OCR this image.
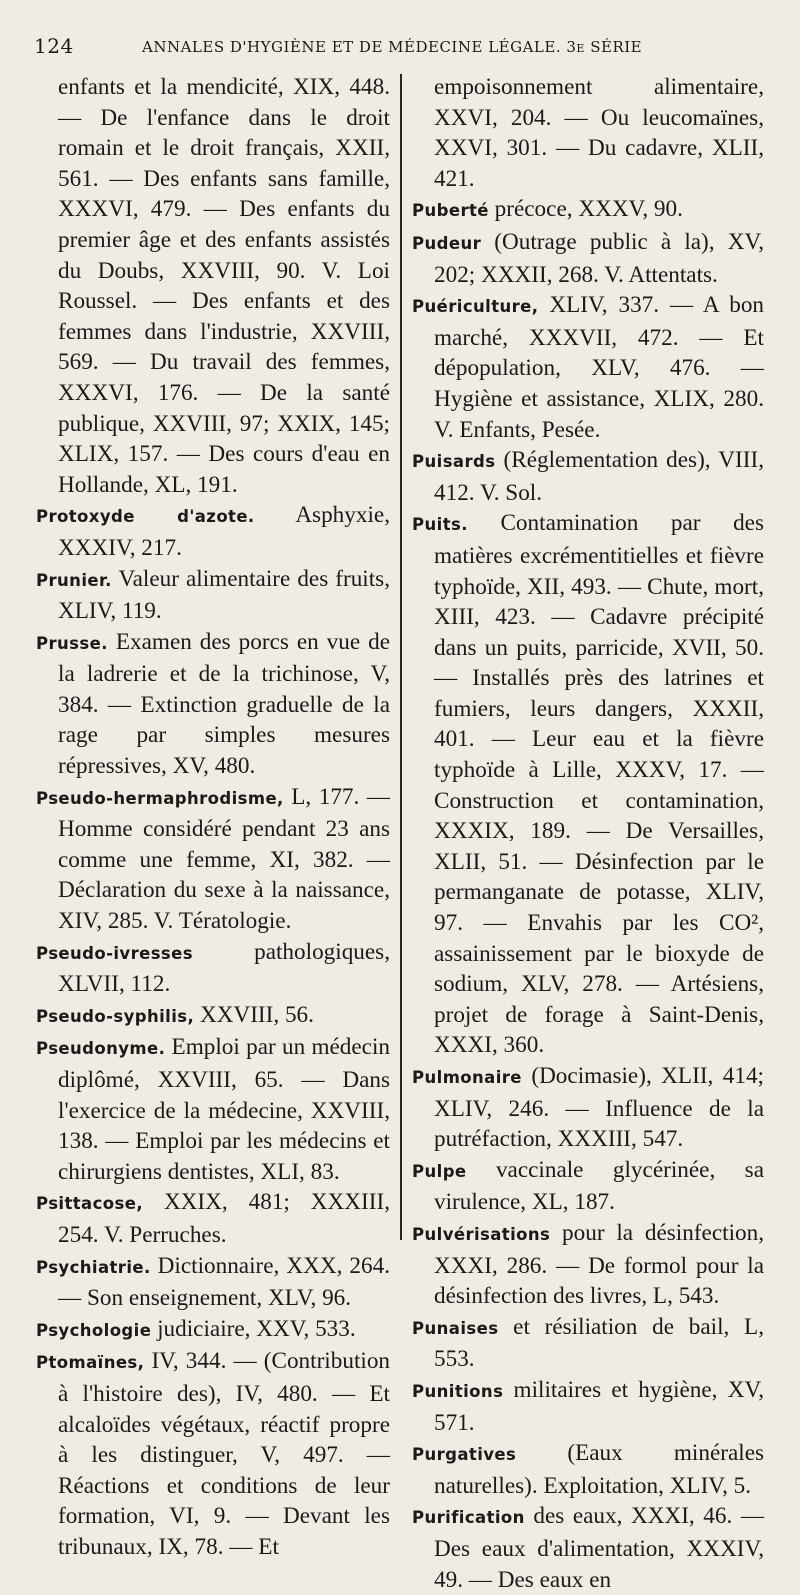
124	ANNALES D'HYGIÈNE ET DE MÉDECINE LÉGALE. 3e SÉRIE

enfants et la mendicité, XIX, 448. — De l'enfance dans le droit romain et le droit français, XXII, 561. — Des enfants sans famille, XXXVI, 479. — Des enfants du premier âge et des enfants assistés du Doubs, XXVIII, 90. V. Loi Roussel. — Des enfants et des femmes dans l'industrie, XXVIII, 569. — Du travail des femmes, XXXVI, 176. — De la santé publique, XXVIII, 97; XXIX, 145; XLIX, 157. — Des cours d'eau en Hollande, XL, 191.

Protoxyde d'azote. Asphyxie, XXXIV, 217.

Prunier. Valeur alimentaire des fruits, XLIV, 119.

Prusse. Examen des porcs en vue de la ladrerie et de la trichinose, V, 384. — Extinction graduelle de la rage par simples mesures répressives, XV, 480.

Pseudo-hermaphrodisme, L, 177. — Homme considéré pendant 23 ans comme une femme, XI, 382. — Déclaration du sexe à la naissance, XIV, 285. V. Tératologie.

Pseudo-ivresses	pathologiques, XLVII, 112.

Pseudo-syphilis, XXVIII, 56.

Pseudonyme. Emploi par un médecin diplômé, XXVIII, 65. — Dans l'exercice de la médecine, XXVIII, 138. — Emploi par les médecins et chirurgiens dentistes, XLI, 83.

Psittacose, XXIX, 481; XXXIII, 254. V. Perruches.

Psychiatrie. Dictionnaire, XXX, 264. — Son enseignement, XLV, 96.

Psychologie judiciaire, XXV, 533.

Ptomaïnes, IV, 344. — (Contribution à l'histoire des), IV, 480. — Et alcaloïdes végétaux, réactif propre à les distinguer, V, 497. — Réactions et conditions de leur formation, VI, 9. — Devant les tribunaux, IX, 78. — Et

empoisonnement alimentaire, XXVI, 204. — Ou leucomaïnes, XXVI, 301. — Du cadavre, XLII, 421.

Puberté précoce, XXXV, 90.

Pudeur (Outrage public à la), XV, 202; XXXII, 268. V. Attentats.

Puériculture, XLIV, 337. — A bon marché, XXXVII, 472. — Et dépopulation, XLV, 476. — Hygiène et assistance, XLIX, 280. V. Enfants, Pesée.

Puisards (Réglementation des), VIII, 412. V. Sol.

Puits. Contamination par des matières excrémentitielles et fièvre typhoïde, XII, 493. — Chute, mort, XIII, 423. — Cadavre précipité dans un puits, parricide, XVII, 50. — Installés près des latrines et fumiers, leurs dangers, XXXII, 401. — Leur eau et la fièvre typhoïde à Lille, XXXV, 17. — Construction et contamination, XXXIX, 189. — De Versailles, XLII, 51. — Désinfection par le permanganate de potasse, XLIV, 97. — Envahis par les CO², assainissement par le bioxyde de sodium, XLV, 278. — Artésiens, projet de forage à Saint-Denis, XXXI, 360.

Pulmonaire (Docimasie), XLII, 414; XLIV, 246. — Influence de la putréfaction, XXXIII, 547.

Pulpe vaccinale glycérinée, sa virulence, XL, 187.

Pulvérisations pour la désinfection, XXXI, 286. — De formol pour la désinfection des livres, L, 543.

Punaises et résiliation de bail, L, 553.

Punitions militaires et hygiène, XV, 571.

Purgatives (Eaux minérales naturelles). Exploitation, XLIV, 5.

Purification des eaux, XXXI, 46. — Des eaux d'alimentation, XXXIV, 49. — Des eaux en
